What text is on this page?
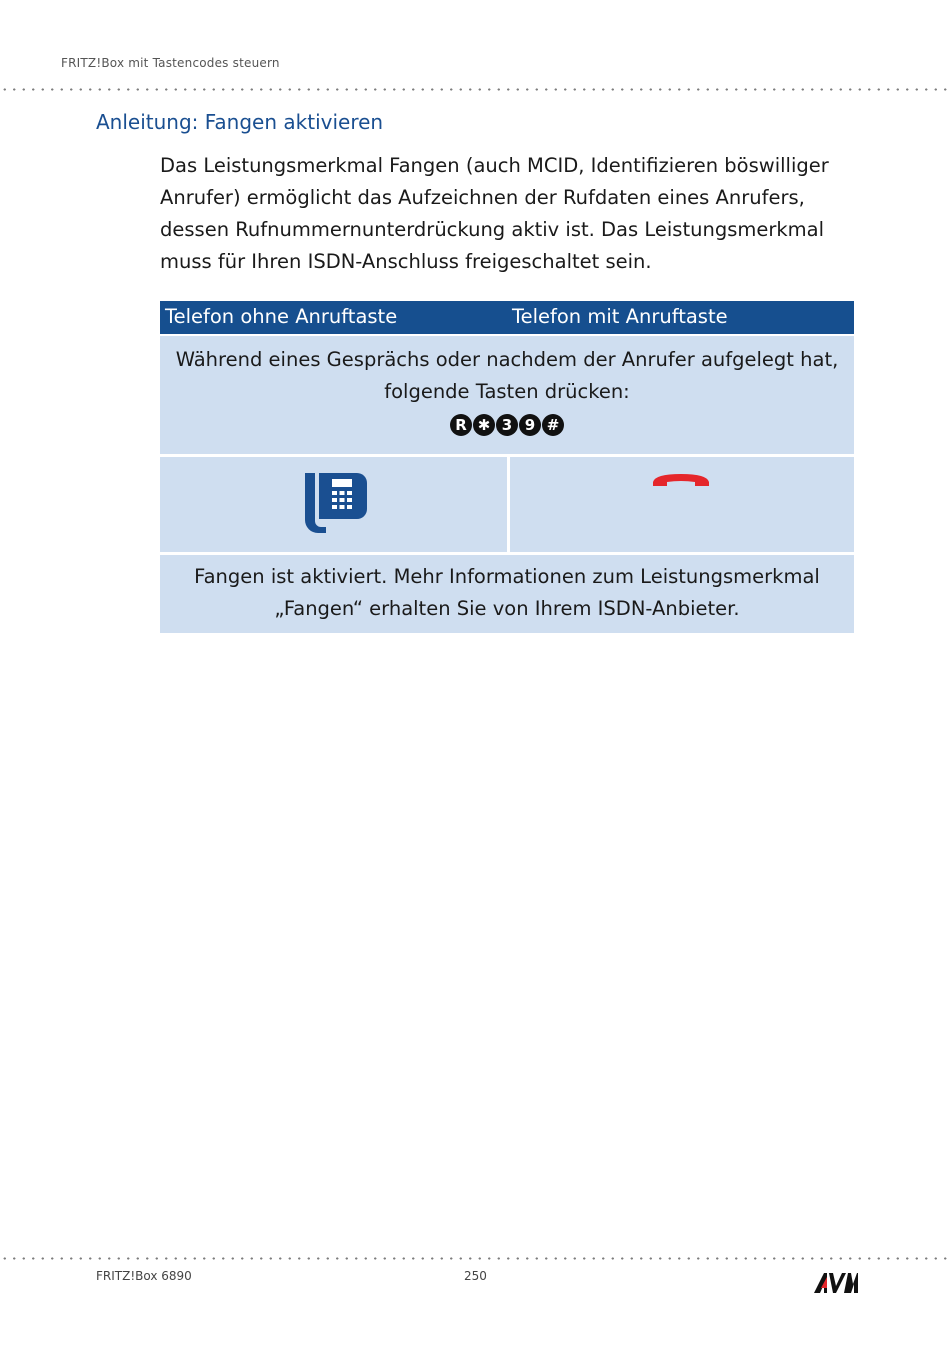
FRITZ!Box mit Tastencodes steuern
Anleitung: Fangen aktivieren
Das Leistungsmerkmal Fangen (auch MCID, Identifizieren böswilliger Anrufer) ermöglicht das Aufzeichnen der Rufdaten eines Anrufers, dessen Rufnummernunterdrückung aktiv ist. Das Leistungsmerkmal muss für Ihren ISDN-Anschluss freigeschaltet sein.
Telefon ohne Anruftaste	Telefon mit Anruftaste
Während eines Gesprächs oder nachdem der Anrufer aufgelegt hat,
folgende Tasten drücken:
R ✱ 3 9 #
Fangen ist aktiviert. Mehr Informationen zum Leistungsmerkmal
„Fangen“ erhalten Sie von Ihrem ISDN-Anbieter.
FRITZ!Box 6890	250
